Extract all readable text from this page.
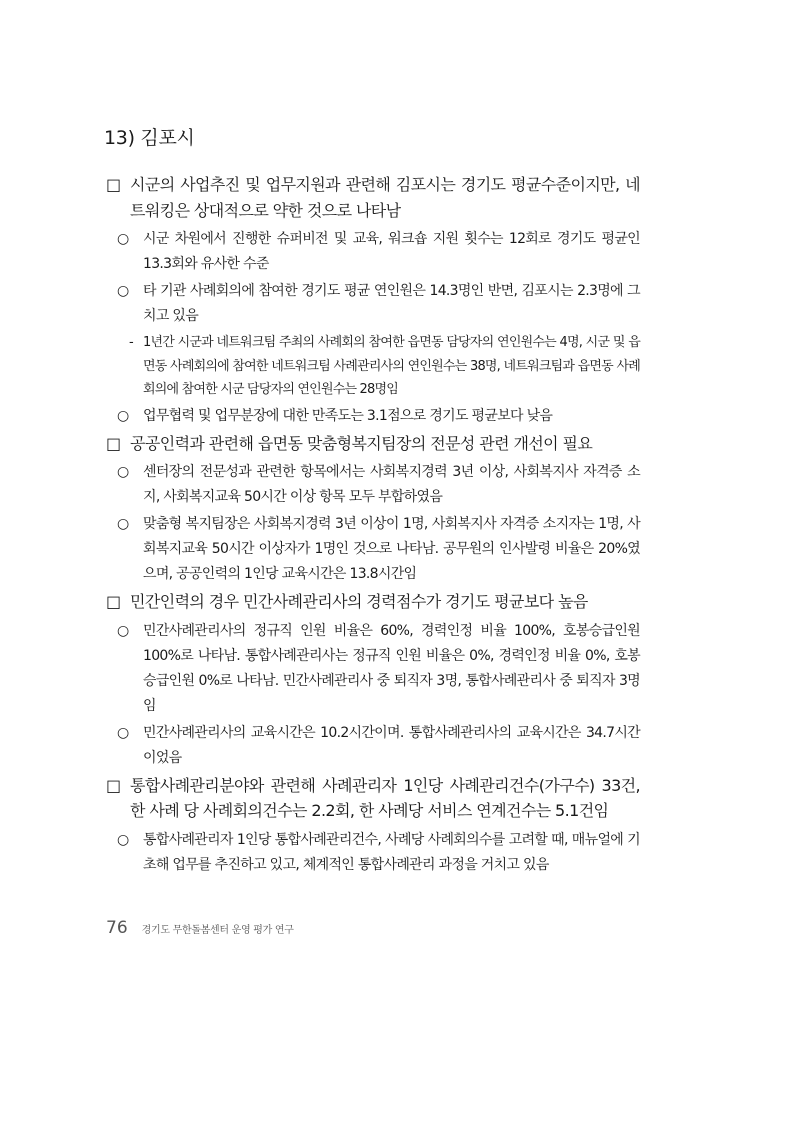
13) 김포시
□ 시군의 사업추진 및 업무지원과 관련해 김포시는 경기도 평균수준이지만, 네트워킹은 상대적으로 약한 것으로 나타남
○	시군 차원에서 진행한 슈퍼비전 및 교육, 워크숍 지원 횟수는 12회로 경기도 평균인 13.3회와 유사한 수준
○	타 기관 사례회의에 참여한 경기도 평균 연인원은 14.3명인 반면, 김포시는 2.3명에 그치고 있음
- 1년간 시군과 네트워크팀 주최의 사례회의 참여한 읍면동 담당자의 연인원수는 4명, 시군 및 읍면동 사례회의에 참여한 네트워크팀 사례관리사의 연인원수는 38명, 네트워크팀과 읍면동 사례회의에 참여한 시군 담당자의 연인원수는 28명임
○	업무협력 및 업무분장에 대한 만족도는 3.1점으로 경기도 평균보다 낮음
□ 공공인력과 관련해 읍면동 맞춤형복지팀장의 전문성 관련 개선이 필요
○	센터장의 전문성과 관련한 항목에서는 사회복지경력 3년 이상, 사회복지사 자격증 소지, 사회복지교육 50시간 이상 항목 모두 부합하였음
○	맞춤형 복지팀장은 사회복지경력 3년 이상이 1명, 사회복지사 자격증 소지자는 1명, 사회복지교육 50시간 이상자가 1명인 것으로 나타남. 공무원의 인사발령 비율은 20%였으며, 공공인력의 1인당 교육시간은 13.8시간임
□ 민간인력의 경우 민간사례관리사의 경력점수가 경기도 평균보다 높음
○	민간사례관리사의 정규직 인원 비율은 60%, 경력인정 비율 100%, 호봉승급인원 100%로 나타남. 통합사례관리사는 정규직 인원 비율은 0%, 경력인정 비율 0%, 호봉승급인원 0%로 나타남. 민간사례관리사 중 퇴직자 3명, 통합사례관리사 중 퇴직자 3명임
○	민간사례관리사의 교육시간은 10.2시간이며. 통합사례관리사의 교육시간은 34.7시간이었음
□ 통합사례관리분야와 관련해 사례관리자 1인당 사례관리건수(가구수) 33건, 한 사례 당 사례회의건수는 2.2회, 한 사례당 서비스 연계건수는 5.1건임
○	통합사례관리자 1인당 통합사례관리건수, 사례당 사례회의수를 고려할 때, 매뉴얼에 기초해 업무를 추진하고 있고, 체계적인 통합사례관리 과정을 거치고 있음
76 경기도 무한돌봄센터 운영 평가 연구
